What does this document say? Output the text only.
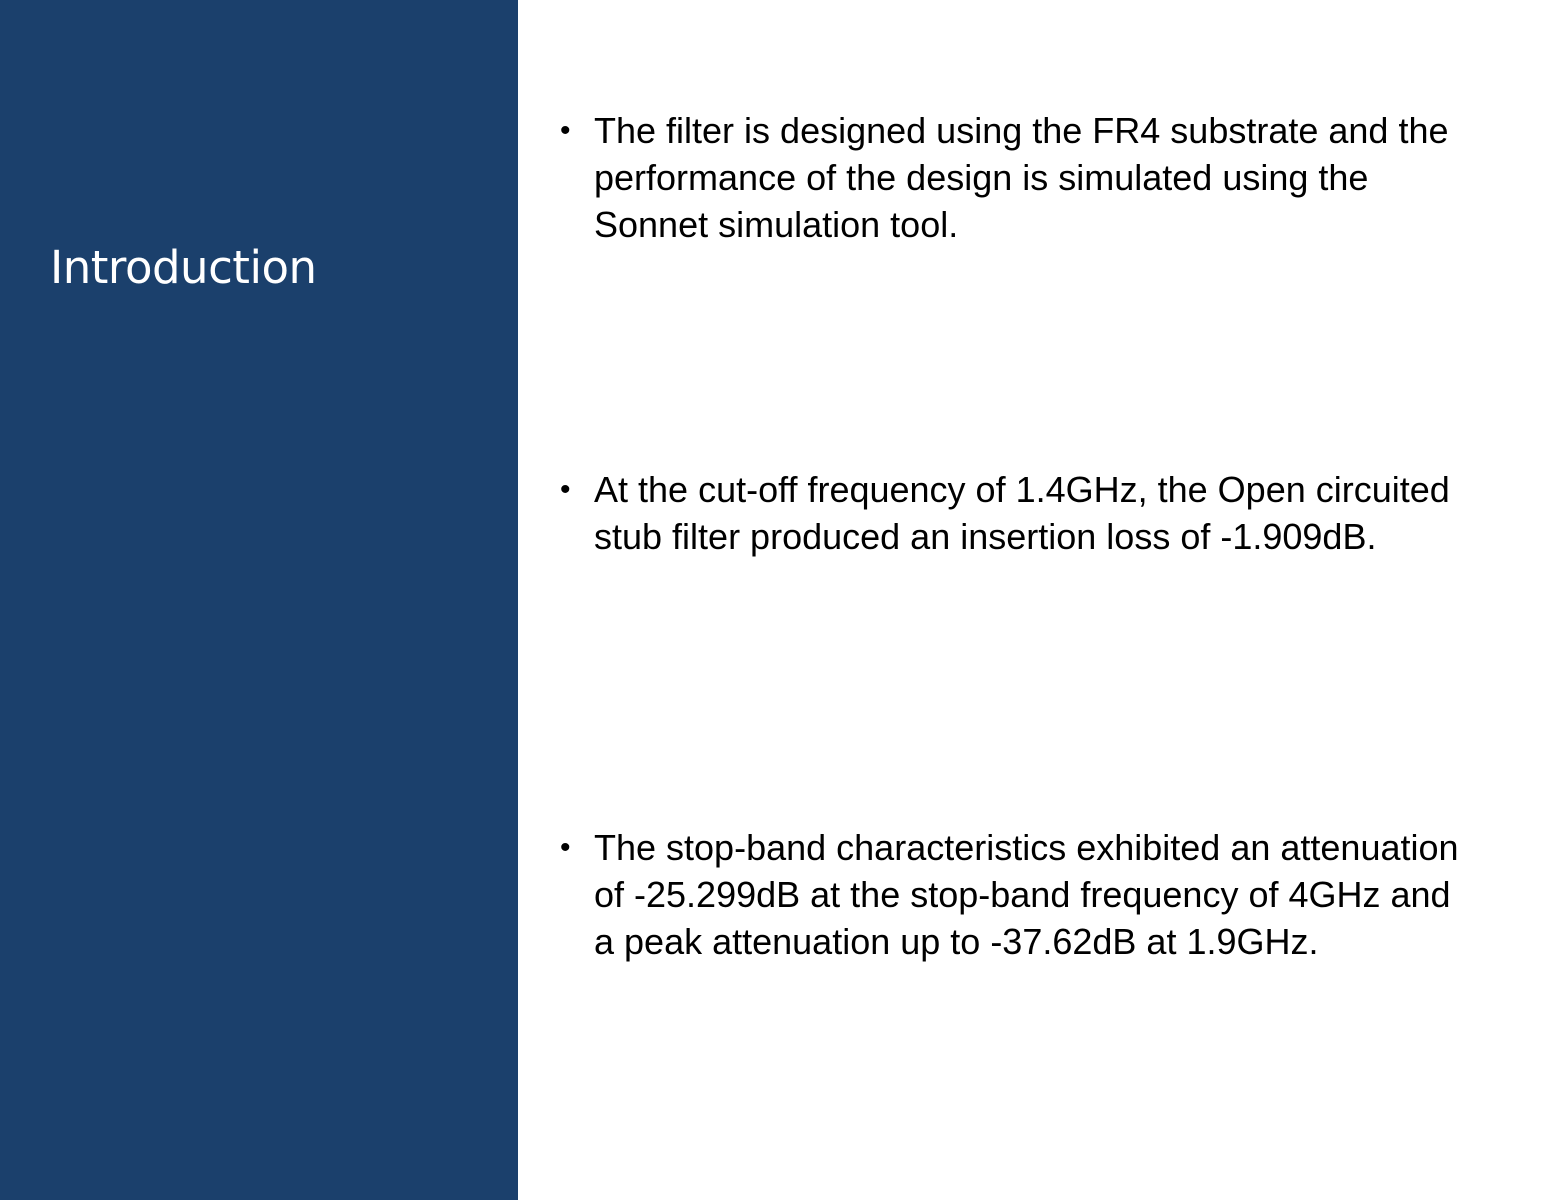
Introduction
• The filter is designed using the FR4 substrate and the performance of the design is simulated using the Sonnet simulation tool.
• At the cut-off frequency of 1.4GHz, the Open circuited stub filter produced an insertion loss of -1.909dB.
• The stop-band characteristics exhibited an attenuation of -25.299dB at the stop-band frequency of 4GHz and a peak attenuation up to -37.62dB at 1.9GHz.
